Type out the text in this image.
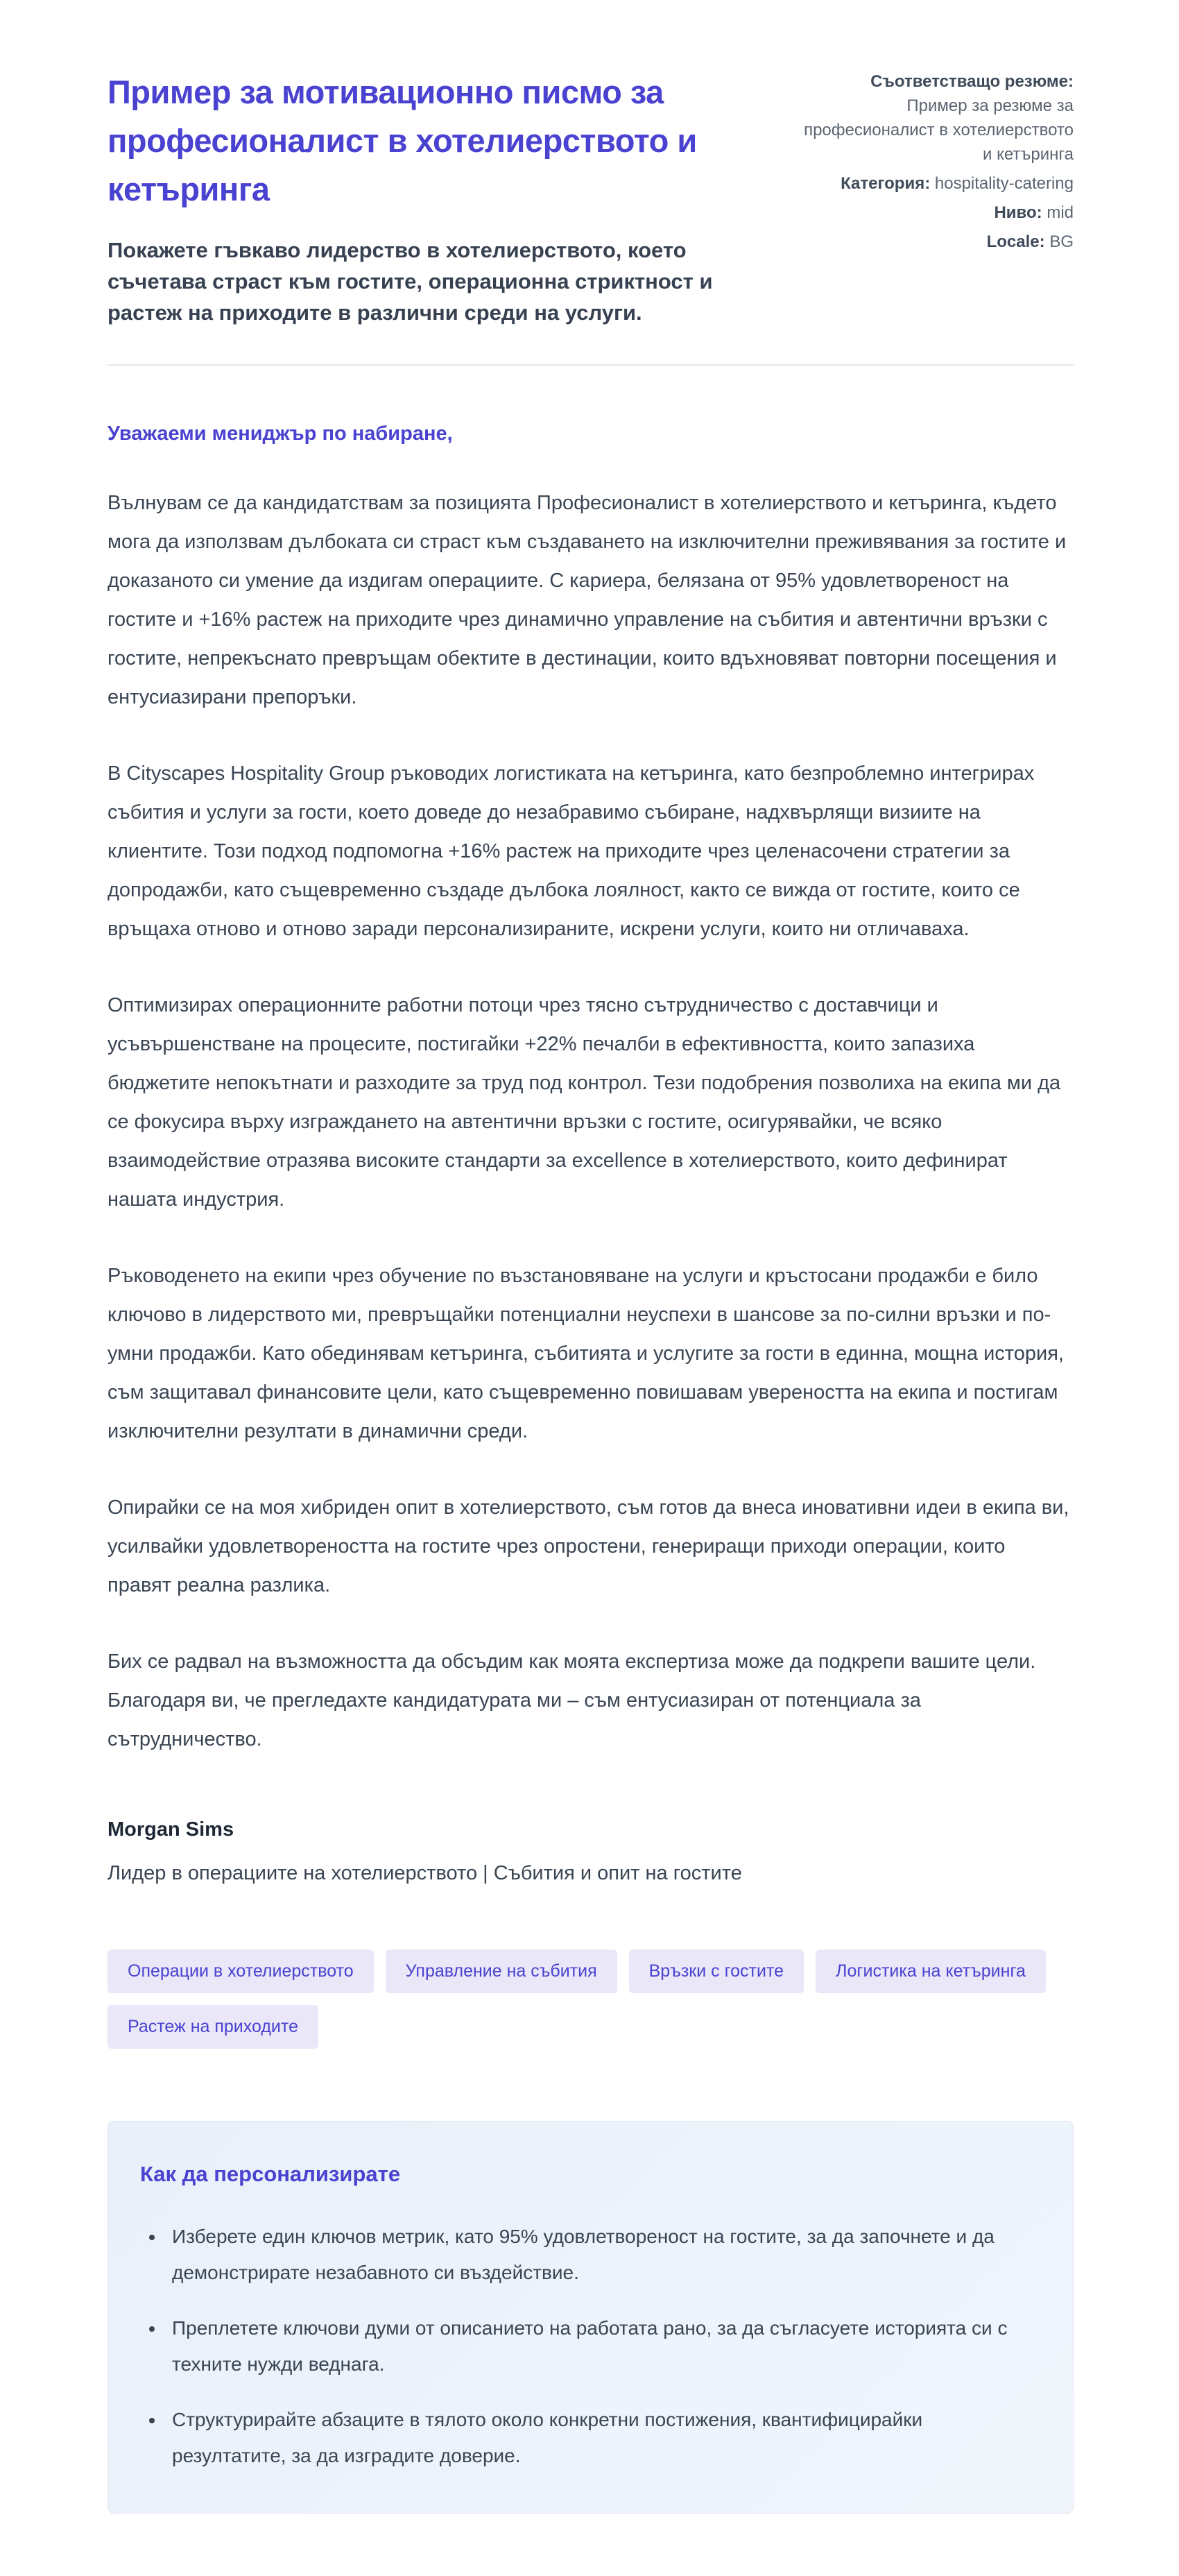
Пример за мотивационно писмо за професионалист в хотелиерството и кетъринга
Покажете гъвкаво лидерство в хотелиерството, което съчетава страст към гостите, операционна стриктност и растеж на приходите в различни среди на услуги.
Съответстващо резюме:
Пример за резюме за професионалист в хотелиерството и кетъринга
Категория: hospitality-catering
Ниво: mid
Locale: BG
Уважаеми мениджър по набиране,

Вълнувам се да кандидатствам за позицията Професионалист в хотелиерството и кетъринга, където мога да използвам дълбоката си страст към създаването на изключителни преживявания за гостите и доказаното си умение да издигам операциите. С кариера, белязана от 95% удовлетвореност на гостите и +16% растеж на приходите чрез динамично управление на събития и автентични връзки с гостите, непрекъснато превръщам обектите в дестинации, които вдъхновяват повторни посещения и ентусиазирани препоръки.

В Cityscapes Hospitality Group ръководих логистиката на кетъринга, като безпроблемно интегрирах събития и услуги за гости, което доведе до незабравимо събиране, надхвърлящи визиите на клиентите. Този подход подпомогна +16% растеж на приходите чрез целенасочени стратегии за допродажби, като същевременно създаде дълбока лоялност, както се вижда от гостите, които се връщаха отново и отново заради персонализираните, искрени услуги, които ни отличаваха.

Оптимизирах операционните работни потоци чрез тясно сътрудничество с доставчици и усъвършенстване на процесите, постигайки +22% печалби в ефективността, които запазиха бюджетите непокътнати и разходите за труд под контрол. Тези подобрения позволиха на екипа ми да се фокусира върху изграждането на автентични връзки с гостите, осигурявайки, че всяко взаимодействие отразява високите стандарти за excellence в хотелиерството, които дефинират нашата индустрия.

Ръководенето на екипи чрез обучение по възстановяване на услуги и кръстосани продажби е било ключово в лидерството ми, превръщайки потенциални неуспехи в шансове за по-силни връзки и по-умни продажби. Като обединявам кетъринга, събитията и услугите за гости в единна, мощна история, съм защитавал финансовите цели, като същевременно повишавам увереността на екипа и постигам изключителни резултати в динамични среди.

Опирайки се на моя хибриден опит в хотелиерството, съм готов да внеса иновативни идеи в екипа ви, усилвайки удовлетвореността на гостите чрез опростени, генериращи приходи операции, които правят реална разлика.

Бих се радвал на възможността да обсъдим как моята експертиза може да подкрепи вашите цели. Благодаря ви, че прегледахте кандидатурата ми – съм ентусиазиран от потенциала за сътрудничество.

Morgan Sims
Лидер в операциите на хотелиерството | Събития и опит на гостите
Операции в хотелиерството	Управление на събития	Връзки с гостите	Логистика на кетъринга
Растеж на приходите
Как да персонализирате
• Изберете един ключов метрик, като 95% удовлетвореност на гостите, за да започнете и да демонстрирате незабавното си въздействие.
• Преплетете ключови думи от описанието на работата рано, за да съгласуете историята си с техните нужди веднага.
• Структурирайте абзаците в тялото около конкретни постижения, квантифицирайки резултатите, за да изградите доверие.
